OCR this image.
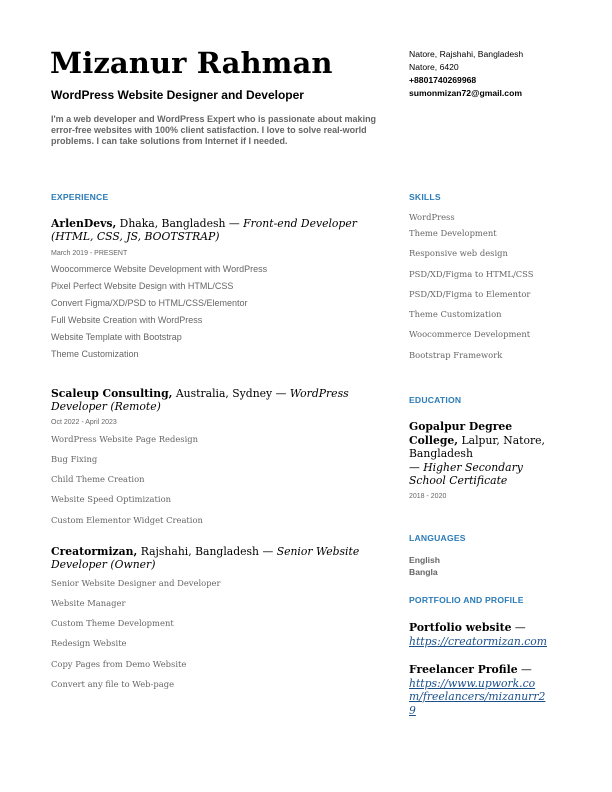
Mizanur Rahman
WordPress Website Designer and Developer
I'm a web developer and WordPress Expert who is passionate about making error-free websites with 100% client satisfaction. I love to solve real-world problems. I can take solutions from Internet if I needed.
Natore, Rajshahi, Bangladesh
Natore, 6420
+8801740269968
sumonmizan72@gmail.com
EXPERIENCE
ArlenDevs, Dhaka, Bangladesh — Front-end Developer (HTML, CSS, JS, BOOTSTRAP)
March 2019 - PRESENT
Woocommerce Website Development with WordPress
Pixel Perfect Website Design with HTML/CSS
Convert Figma/XD/PSD to HTML/CSS/Elementor
Full Website Creation with WordPress
Website Template with Bootstrap
Theme Customization
Scaleup Consulting, Australia, Sydney — WordPress Developer (Remote)
Oct 2022 - April 2023
WordPress Website Page Redesign
Bug Fixing
Child Theme Creation
Website Speed Optimization
Custom Elementor Widget Creation
Creatormizan, Rajshahi, Bangladesh — Senior Website Developer (Owner)
Senior Website Designer and Developer
Website Manager
Custom Theme Development
Redesign Website
Copy Pages from Demo Website
Convert any file to Web-page
SKILLS
WordPress
Theme Development
Responsive web design
PSD/XD/Figma to HTML/CSS
PSD/XD/Figma to Elementor
Theme Customization
Woocommerce Development
Bootstrap Framework
EDUCATION
Gopalpur Degree College, Lalpur, Natore, Bangladesh
— Higher Secondary School Certificate
2018 - 2020
LANGUAGES
English
Bangla
PORTFOLIO AND PROFILE
Portfolio website —
https://creatormizan.com
Freelancer Profile —
https://www.upwork.com/freelancers/mizanurr29
